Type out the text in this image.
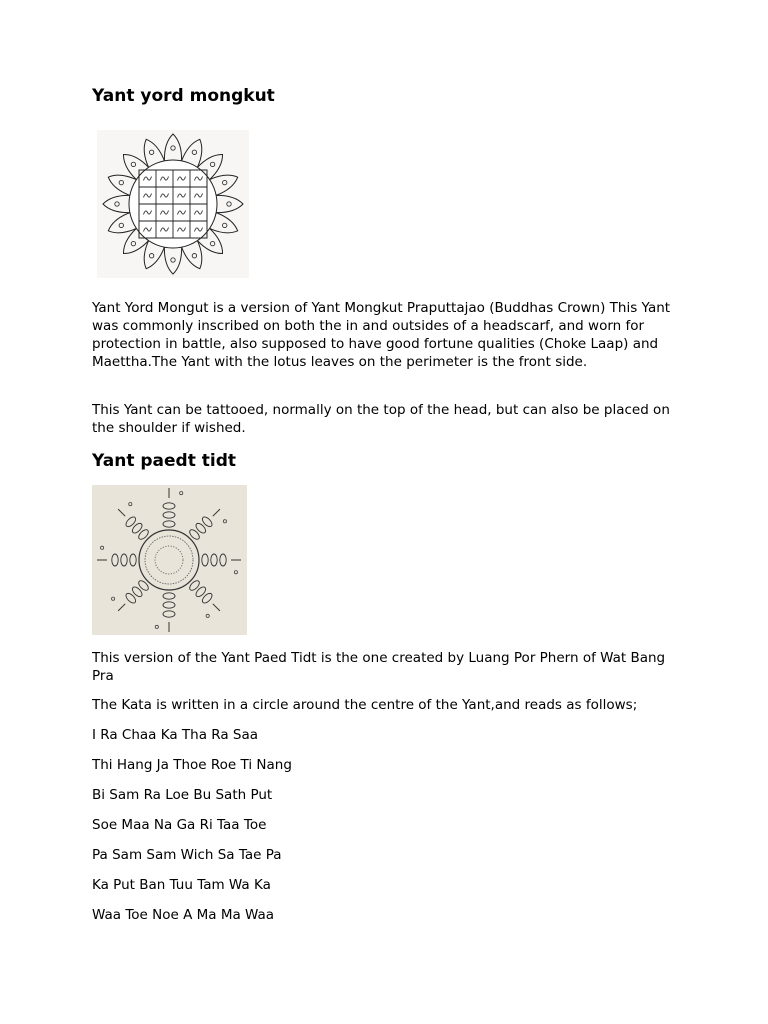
Yant yord mongkut

Yant Yord Mongut is a version of Yant Mongkut Praputtajao (Buddhas Crown) This Yant was commonly inscribed on both the in and outsides of a headscarf, and worn for protection in battle, also supposed to have good fortune qualities (Choke Laap) and Maettha.The Yant with the lotus leaves on the perimeter is the front side.

This Yant can be tattooed, normally on the top of the head, but can also be placed on the shoulder if wished.

Yant paedt tidt

This version of the Yant Paed Tidt is the one created by Luang Por Phern of Wat Bang Pra

The Kata is written in a circle around the centre of the Yant,and reads as follows;

I Ra Chaa Ka Tha Ra Saa

Thi Hang Ja Thoe Roe Ti Nang

Bi Sam Ra Loe Bu Sath Put

Soe Maa Na Ga Ri Taa Toe

Pa Sam Sam Wich Sa Tae Pa

Ka Put Ban Tuu Tam Wa Ka

Waa Toe Noe A Ma Ma Waa
